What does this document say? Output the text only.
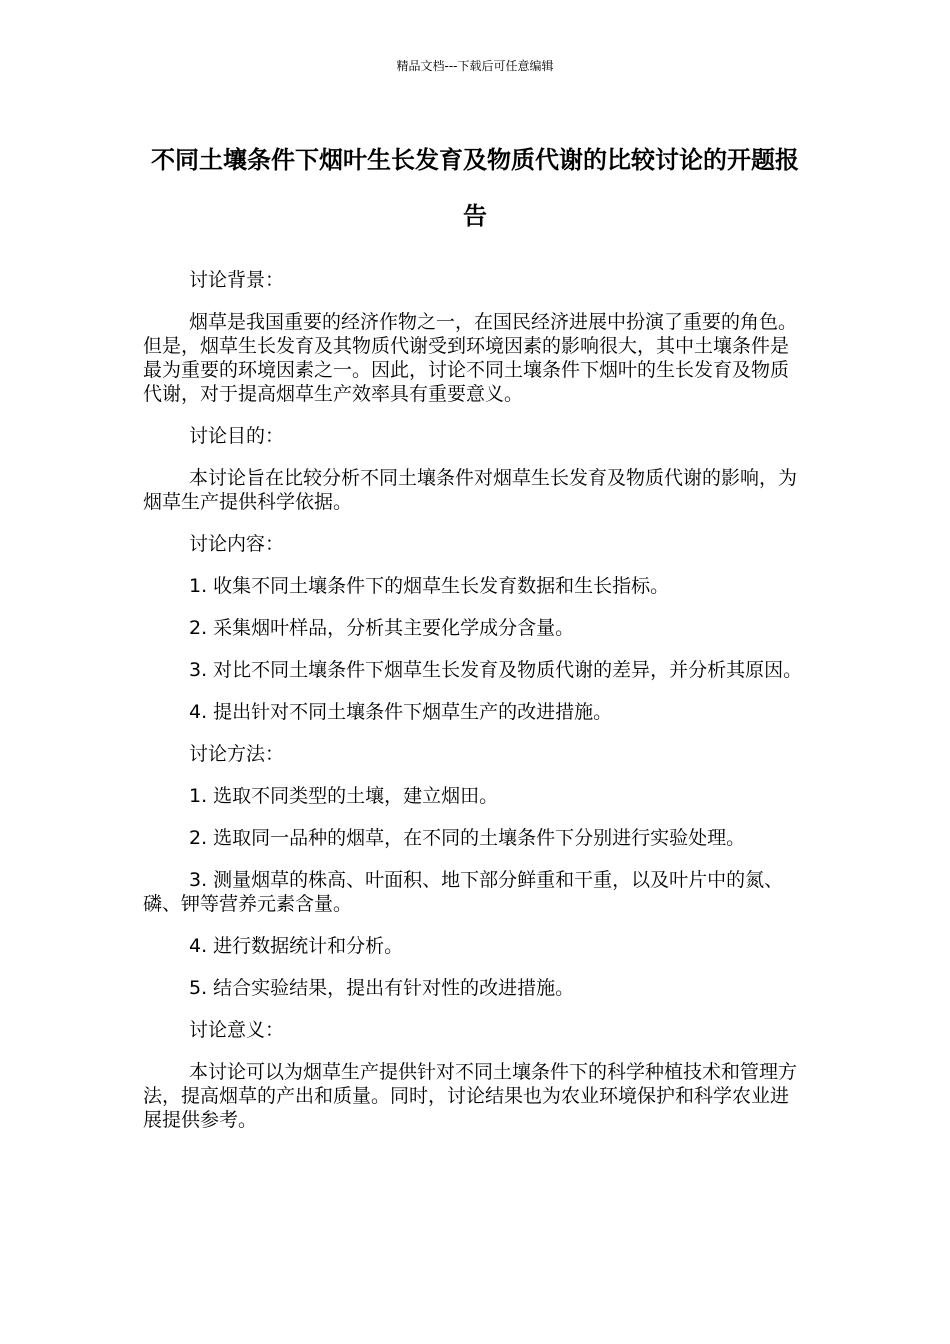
精品文档---下载后可任意编辑
不同土壤条件下烟叶生长发育及物质代谢的比较讨论的开题报告

讨论背景：

烟草是我国重要的经济作物之一，在国民经济进展中扮演了重要的角色。但是，烟草生长发育及其物质代谢受到环境因素的影响很大，其中土壤条件是最为重要的环境因素之一。因此，讨论不同土壤条件下烟叶的生长发育及物质代谢，对于提高烟草生产效率具有重要意义。

讨论目的：

本讨论旨在比较分析不同土壤条件对烟草生长发育及物质代谢的影响，为烟草生产提供科学依据。

讨论内容：

1. 收集不同土壤条件下的烟草生长发育数据和生长指标。

2. 采集烟叶样品，分析其主要化学成分含量。

3. 对比不同土壤条件下烟草生长发育及物质代谢的差异，并分析其原因。

4. 提出针对不同土壤条件下烟草生产的改进措施。

讨论方法：

1. 选取不同类型的土壤，建立烟田。

2. 选取同一品种的烟草，在不同的土壤条件下分别进行实验处理。

3. 测量烟草的株高、叶面积、地下部分鲜重和干重，以及叶片中的氮、磷、钾等营养元素含量。

4. 进行数据统计和分析。

5. 结合实验结果，提出有针对性的改进措施。

讨论意义：

本讨论可以为烟草生产提供针对不同土壤条件下的科学种植技术和管理方法，提高烟草的产出和质量。同时，讨论结果也为农业环境保护和科学农业进展提供参考。
